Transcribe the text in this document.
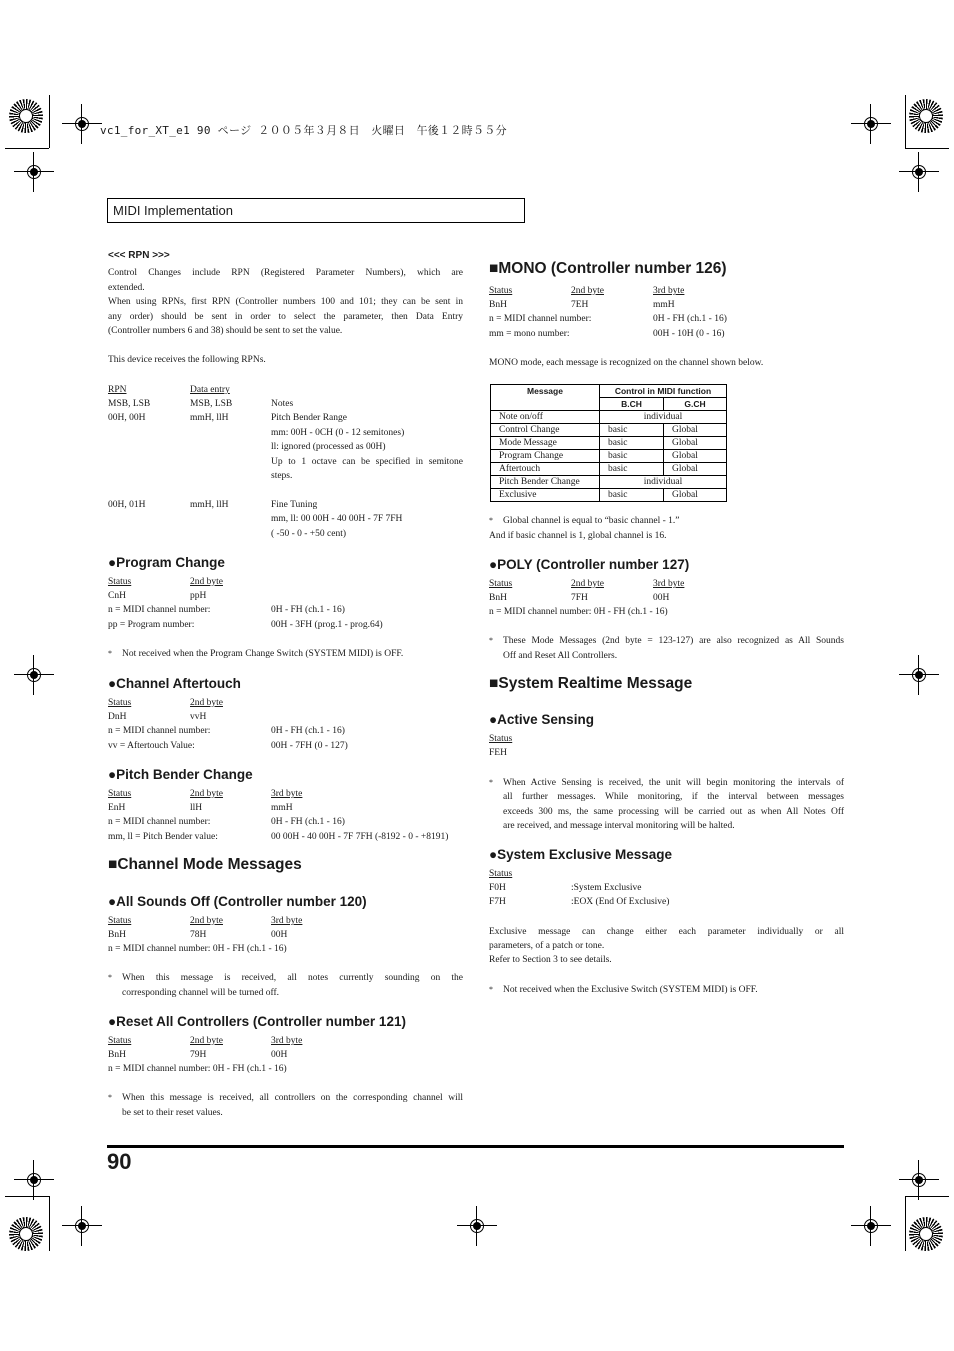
vc1_for_XT_e1 90 ページ ２００５年３月８日　火曜日　午後１２時５５分
MIDI Implementation
<<< RPN >>>
Control Changes include RPN (Registered Parameter Numbers), which are
extended.
When using RPNs, first RPN (Controller numbers 100 and 101; they can be sent in
any order) should be sent in order to select the parameter, then Data Entry
(Controller numbers 6 and 38) should be sent to set the value.
This device receives the following RPNs.
RPN	Data entry
MSB, LSB	MSB, LSB	Notes
00H, 00H	mmH, llH	Pitch Bender Range
mm: 00H - 0CH (0 - 12 semitones)
ll: ignored (processed as 00H)
Up to 1 octave can be specified in semitone
steps.
00H, 01H	mmH, llH	Fine Tuning
mm, ll: 00 00H - 40 00H - 7F 7FH
( -50 - 0 - +50 cent)
●Program Change
Status	2nd byte
CnH	ppH
n = MIDI channel number:	0H - FH (ch.1 - 16)
pp = Program number:	00H - 3FH (prog.1 - prog.64)
* Not received when the Program Change Switch (SYSTEM MIDI) is OFF.
●Channel Aftertouch
Status	2nd byte
DnH	vvH
n = MIDI channel number:	0H - FH (ch.1 - 16)
vv = Aftertouch Value:	00H - 7FH (0 - 127)
●Pitch Bender Change
Status	2nd byte	3rd byte
EnH	llH	mmH
n = MIDI channel number:	0H - FH (ch.1 - 16)
mm, ll = Pitch Bender value:	00 00H - 40 00H - 7F 7FH (-8192 - 0 - +8191)
■Channel Mode Messages
●All Sounds Off (Controller number 120)
Status	2nd byte	3rd byte
BnH	78H	00H
n = MIDI channel number: 0H - FH (ch.1 - 16)
* When this message is received, all notes currently sounding on the
corresponding channel will be turned off.
●Reset All Controllers (Controller number 121)
Status	2nd byte	3rd byte
BnH	79H	00H
n = MIDI channel number: 0H - FH (ch.1 - 16)
* When this message is received, all controllers on the corresponding channel will
be set to their reset values.
■MONO (Controller number 126)
Status	2nd byte	3rd byte
BnH	7EH	mmH
n = MIDI channel number:	0H - FH (ch.1 - 16)
mm = mono number:	00H - 10H (0 - 16)
MONO mode, each message is recognized on the channel shown below.
Message	Control in MIDI function	
	B.CH	G.CH
Note on/off	individual	
Control Change	basic	Global
Mode Message	basic	Global
Program Change	basic	Global
Aftertouch	basic	Global
Pitch Bender Change	individual	
Exclusive	basic	Global
* Global channel is equal to “basic channel - 1.”
And if basic channel is 1, global channel is 16.
●POLY (Controller number 127)
Status	2nd byte	3rd byte
BnH	7FH	00H
n = MIDI channel number: 0H - FH (ch.1 - 16)
* These Mode Messages (2nd byte = 123-127) are also recognized as All Sounds
Off and Reset All Controllers.
■System Realtime Message
●Active Sensing
Status
FEH
* When Active Sensing is received, the unit will begin monitoring the intervals of
all further messages. While monitoring, if the interval between messages
exceeds 300 ms, the same processing will be carried out as when All Notes Off
are received, and message interval monitoring will be halted.
●System Exclusive Message
Status
F0H	:System Exclusive
F7H	:EOX (End Of Exclusive)
Exclusive message can change either each parameter individually or all
parameters, of a patch or tone.
Refer to Section 3 to see details.
* Not received when the Exclusive Switch (SYSTEM MIDI) is OFF.
90
